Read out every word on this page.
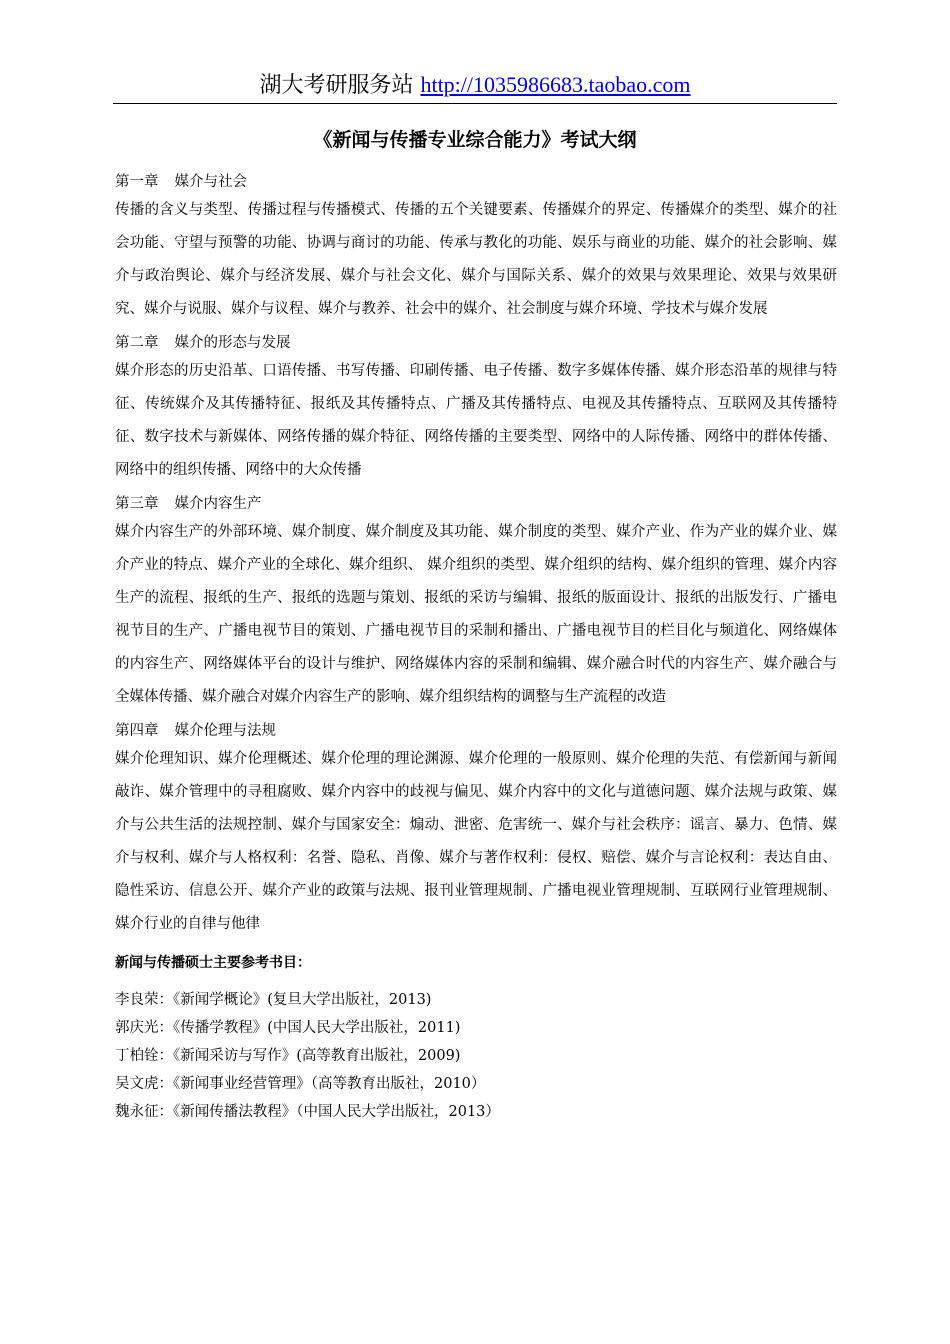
湖大考研服务站 http://1035986683.taobao.com
《新闻与传播专业综合能力》考试大纲

第一章 媒介与社会

传播的含义与类型、传播过程与传播模式、传播的五个关键要素、传播媒介的界定、传播媒介的类型、媒介的社会功能、守望与预警的功能、协调与商讨的功能、传承与教化的功能、娱乐与商业的功能、媒介的社会影响、媒介与政治舆论、媒介与经济发展、媒介与社会文化、媒介与国际关系、媒介的效果与效果理论、效果与效果研究、媒介与说服、媒介与议程、媒介与教养、社会中的媒介、社会制度与媒介环境、学技术与媒介发展

第二章 媒介的形态与发展

媒介形态的历史沿革、口语传播、书写传播、印刷传播、电子传播、数字多媒体传播、媒介形态沿革的规律与特征、传统媒介及其传播特征、报纸及其传播特点、广播及其传播特点、电视及其传播特点、互联网及其传播特征、数字技术与新媒体、网络传播的媒介特征、网络传播的主要类型、网络中的人际传播、网络中的群体传播、网络中的组织传播、网络中的大众传播

第三章 媒介内容生产

媒介内容生产的外部环境、媒介制度、媒介制度及其功能、媒介制度的类型、媒介产业、作为产业的媒介业、媒介产业的特点、媒介产业的全球化、媒介组织、 媒介组织的类型、媒介组织的结构、媒介组织的管理、媒介内容生产的流程、报纸的生产、报纸的选题与策划、报纸的采访与编辑、报纸的版面设计、报纸的出版发行、广播电视节目的生产、广播电视节目的策划、广播电视节目的采制和播出、广播电视节目的栏目化与频道化、网络媒体的内容生产、网络媒体平台的设计与维护、网络媒体内容的采制和编辑、媒介融合时代的内容生产、媒介融合与全媒体传播、媒介融合对媒介内容生产的影响、媒介组织结构的调整与生产流程的改造

第四章 媒介伦理与法规

媒介伦理知识、媒介伦理概述、媒介伦理的理论渊源、媒介伦理的一般原则、媒介伦理的失范、有偿新闻与新闻敲诈、媒介管理中的寻租腐败、媒介内容中的歧视与偏见、媒介内容中的文化与道德问题、媒介法规与政策、媒介与公共生活的法规控制、媒介与国家安全：煽动、泄密、危害统一、媒介与社会秩序：谣言、暴力、色情、媒介与权利、媒介与人格权利：名誉、隐私、肖像、媒介与著作权利：侵权、赔偿、媒介与言论权利：表达自由、隐性采访、信息公开、媒介产业的政策与法规、报刊业管理规制、广播电视业管理规制、互联网行业管理规制、媒介行业的自律与他律

新闻与传播硕士主要参考书目：

李良荣：《新闻学概论》(复旦大学出版社，2013)
郭庆光：《传播学教程》(中国人民大学出版社，2011)
丁柏铨：《新闻采访与写作》(高等教育出版社，2009)
吴文虎：《新闻事业经营管理》（高等教育出版社，2010）
魏永征：《新闻传播法教程》（中国人民大学出版社，2013）
